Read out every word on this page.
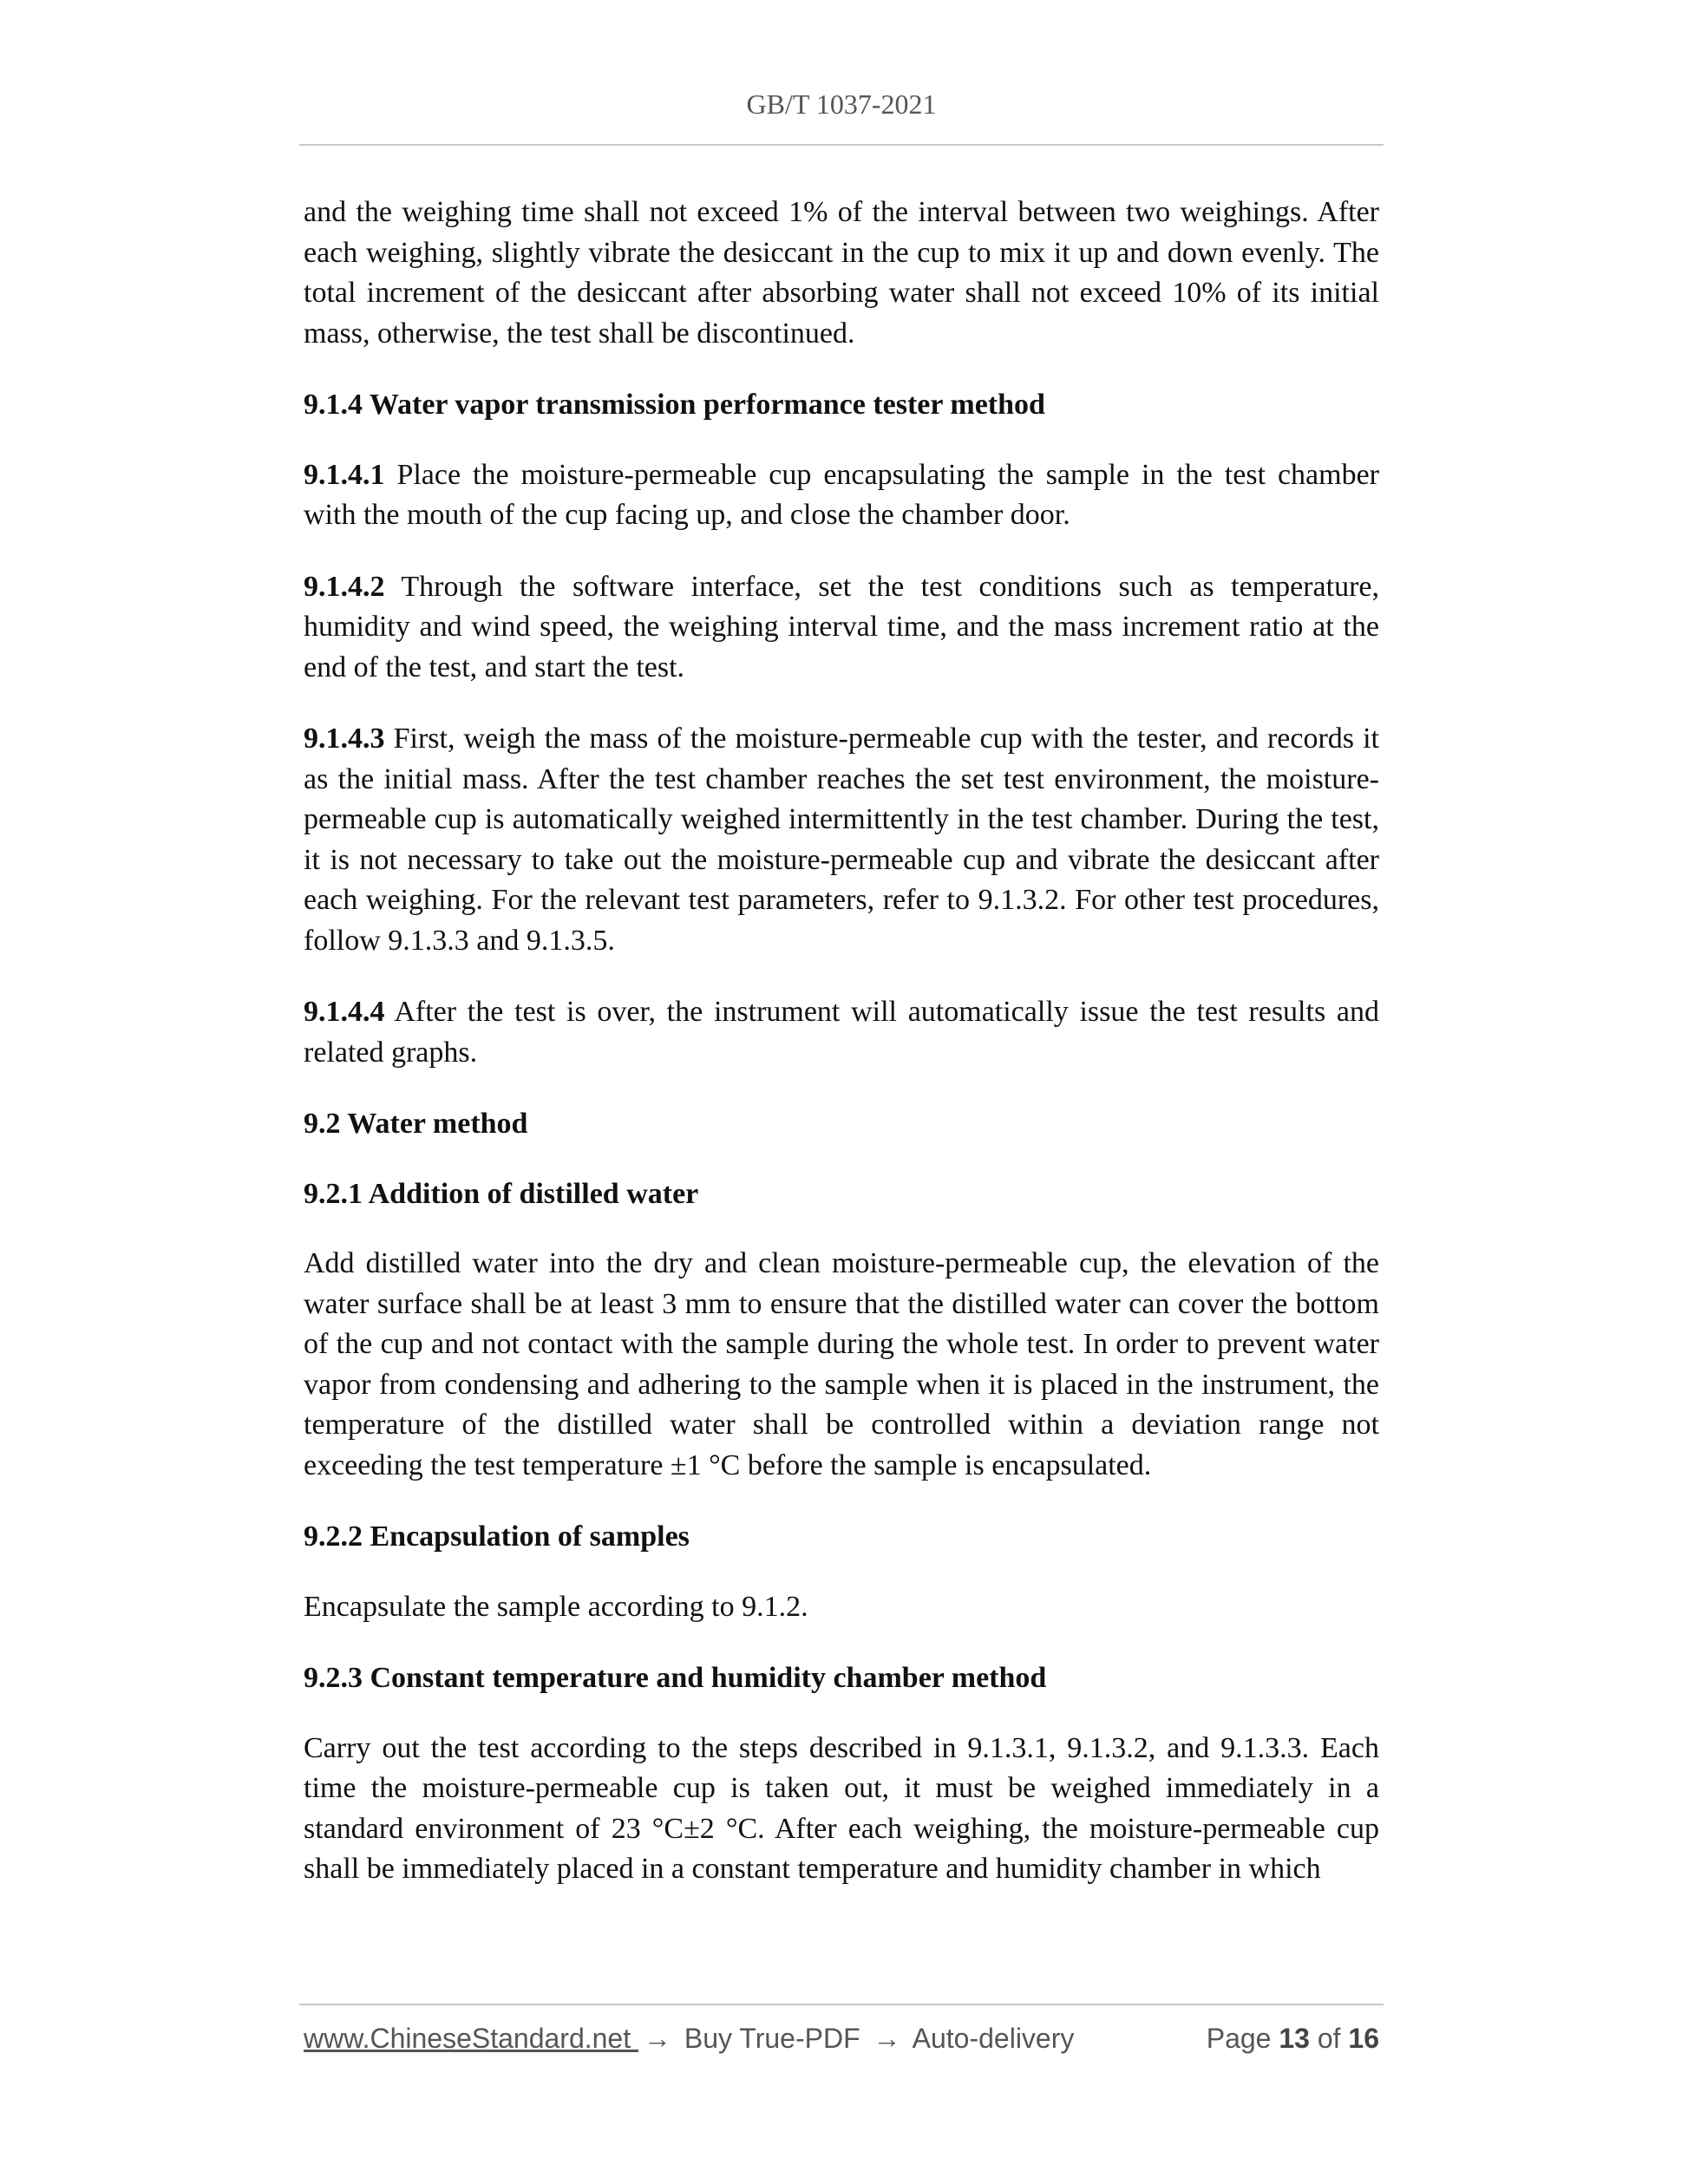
GB/T 1037-2021

and the weighing time shall not exceed 1% of the interval between two weighings. After each weighing, slightly vibrate the desiccant in the cup to mix it up and down evenly. The total increment of the desiccant after absorbing water shall not exceed 10% of its initial mass, otherwise, the test shall be discontinued.

9.1.4 Water vapor transmission performance tester method

9.1.4.1 Place the moisture-permeable cup encapsulating the sample in the test chamber with the mouth of the cup facing up, and close the chamber door.

9.1.4.2 Through the software interface, set the test conditions such as temperature, humidity and wind speed, the weighing interval time, and the mass increment ratio at the end of the test, and start the test.

9.1.4.3 First, weigh the mass of the moisture-permeable cup with the tester, and records it as the initial mass. After the test chamber reaches the set test environment, the moisture-permeable cup is automatically weighed intermittently in the test chamber. During the test, it is not necessary to take out the moisture-permeable cup and vibrate the desiccant after each weighing. For the relevant test parameters, refer to 9.1.3.2. For other test procedures, follow 9.1.3.3 and 9.1.3.5.

9.1.4.4 After the test is over, the instrument will automatically issue the test results and related graphs.

9.2 Water method
9.2.1 Addition of distilled water

Add distilled water into the dry and clean moisture-permeable cup, the elevation of the water surface shall be at least 3 mm to ensure that the distilled water can cover the bottom of the cup and not contact with the sample during the whole test. In order to prevent water vapor from condensing and adhering to the sample when it is placed in the instrument, the temperature of the distilled water shall be controlled within a deviation range not exceeding the test temperature ±1 °C before the sample is encapsulated.

9.2.2 Encapsulation of samples

Encapsulate the sample according to 9.1.2.

9.2.3 Constant temperature and humidity chamber method

Carry out the test according to the steps described in 9.1.3.1, 9.1.3.2, and 9.1.3.3. Each time the moisture-permeable cup is taken out, it must be weighed immediately in a standard environment of 23 °C±2 °C. After each weighing, the moisture-permeable cup shall be immediately placed in a constant temperature and humidity chamber in which

www.ChineseStandard.net → Buy True-PDF → Auto-delivery	Page 13 of 16
